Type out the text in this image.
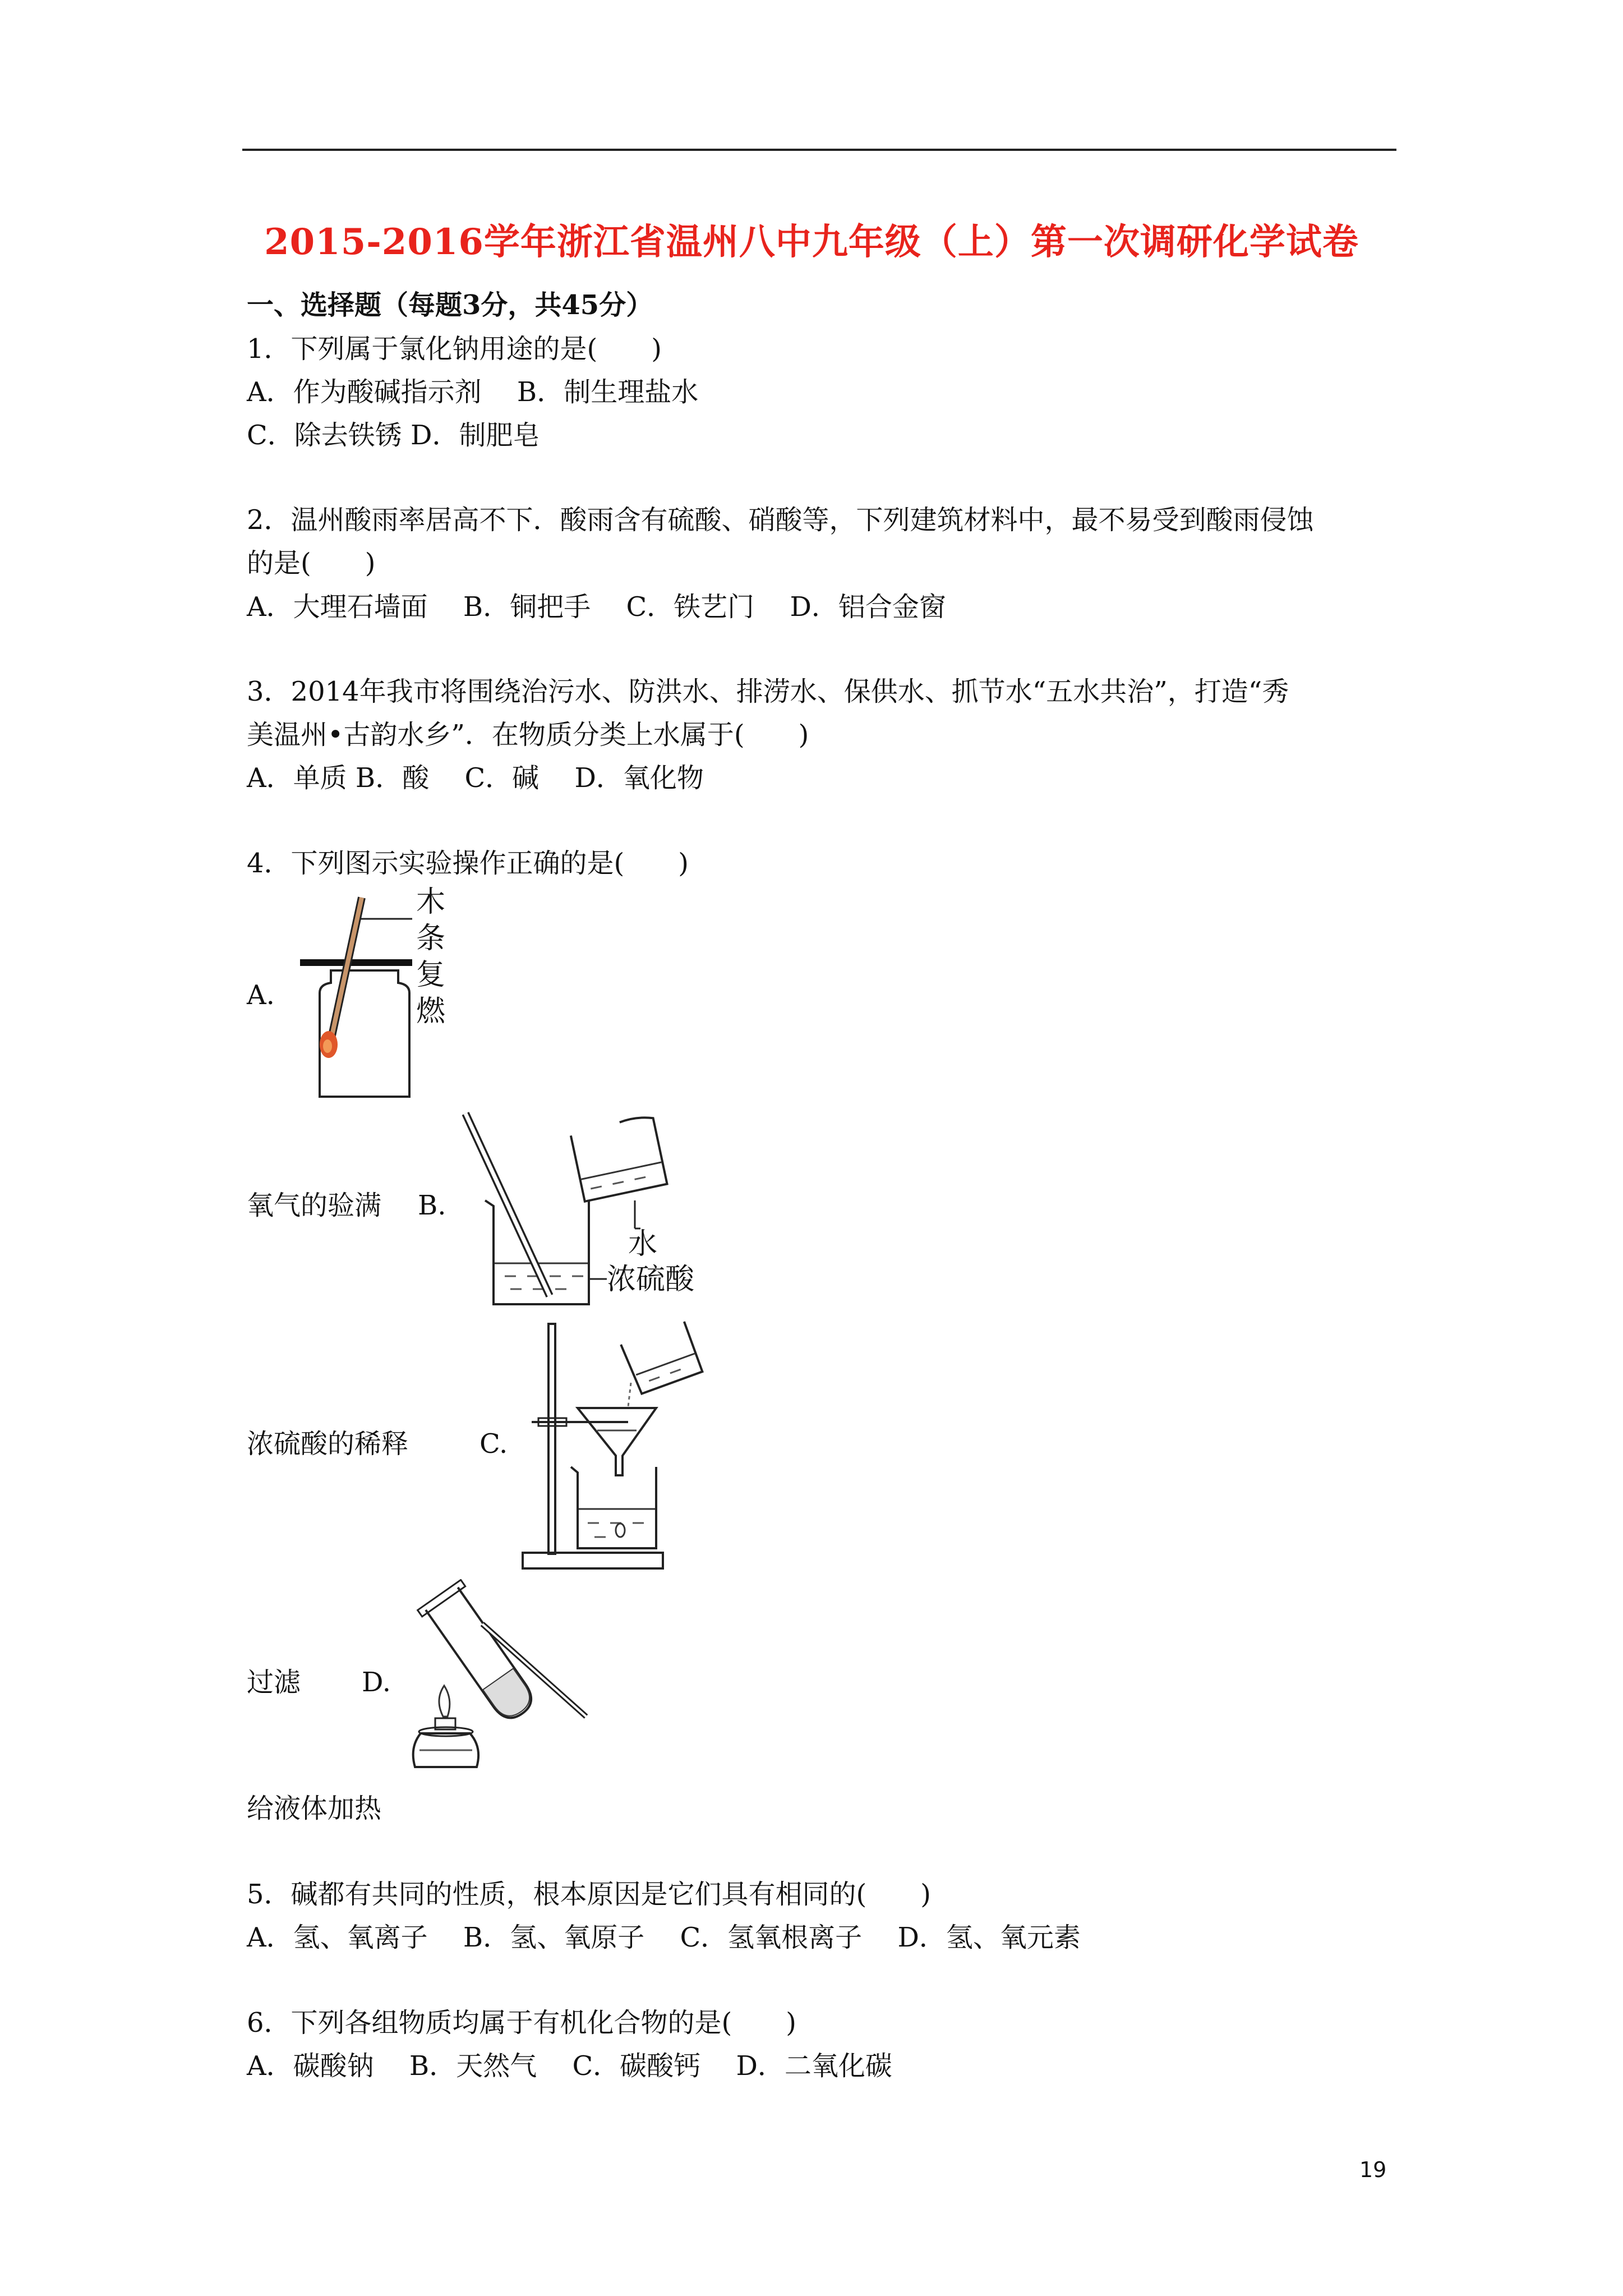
2015-2016学年浙江省温州八中九年级（上）第一次调研化学试卷
一、选择题（每题3分，共45分）
1．下列属于氯化钠用途的是(　　)
A．作为酸碱指示剂　 B．制生理盐水
C．除去铁锈 D．制肥皂
2．温州酸雨率居高不下．酸雨含有硫酸、硝酸等，下列建筑材料中，最不易受到酸雨侵蚀
的是(　　)
A．大理石墙面　 B．铜把手　 C．铁艺门　 D．铝合金窗
3．2014年我市将围绕治污水、防洪水、排涝水、保供水、抓节水“五水共治”，打造“秀
美温州•古韵水乡”．在物质分类上水属于(　　)
A．单质 B．酸　 C．碱　 D．氧化物
4．下列图示实验操作正确的是(　　)
A.
木
条
复
燃
氧气的验满 B.
水
浓硫酸
浓硫酸的稀释	C.
过滤 D.
给液体加热
5．碱都有共同的性质，根本原因是它们具有相同的(　　)
A．氢、氧离子　 B．氢、氧原子　 C．氢氧根离子　 D．氢、氧元素
6．下列各组物质均属于有机化合物的是(　　)
A．碳酸钠　 B．天然气　 C．碳酸钙　 D．二氧化碳
19
